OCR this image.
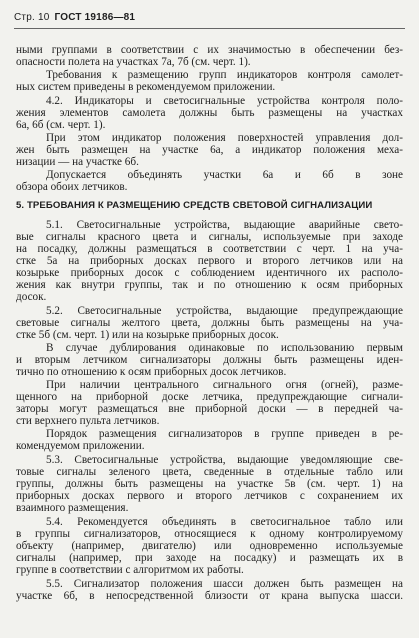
Стр. 10 ГОСТ 19186—81
ными группами в соответствии с их значимостью в обеспечении без-
опасности полета на участках 7а, 7б (см. черт. 1).
Требования к размещению групп индикаторов контроля самолет-
ных систем приведены в рекомендуемом приложении.
4.2. Индикаторы и светосигнальные устройства контроля поло-
жения элементов самолета должны быть размещены на участках
6а, 6б (см. черт. 1).
При этом индикатор положения поверхностей управления дол-
жен быть размещен на участке 6а, а индикатор положения меха-
низации — на участке 6б.
Допускается объединять участки 6а и 6б в зоне
обзора обоих летчиков.
5. ТРЕБОВАНИЯ К РАЗМЕЩЕНИЮ СРЕДСТВ СВЕТОВОЙ СИГНАЛИЗАЦИИ
5.1. Светосигнальные устройства, выдающие аварийные свето-
вые сигналы красного цвета и сигналы, используемые при заходе
на посадку, должны размещаться в соответствии с черт. 1 на уча-
стке 5а на приборных досках первого и второго летчиков или на
козырьке приборных досок с соблюдением идентичного их располо-
жения как внутри группы, так и по отношению к осям приборных
досок.
5.2. Светосигнальные устройства, выдающие предупреждающие
световые сигналы желтого цвета, должны быть размещены на уча-
стке 5б (см. черт. 1) или на козырьке приборных досок.
В случае дублирования одинаковые по использованию первым
и вторым летчиком сигнализаторы должны быть размещены иден-
тично по отношению к осям приборных досок летчиков.
При наличии центрального сигнального огня (огней), разме-
щенного на приборной доске летчика, предупреждающие сигнали-
заторы могут размещаться вне приборной доски — в передней ча-
сти верхнего пульта летчиков.
Порядок размещения сигнализаторов в группе приведен в ре-
комендуемом приложении.
5.3. Светосигнальные устройства, выдающие уведомляющие све-
товые сигналы зеленого цвета, сведенные в отдельные табло или
группы, должны быть размещены на участке 5в (см. черт. 1) на
приборных досках первого и второго летчиков с сохранением их
взаимного размещения.
5.4. Рекомендуется объединять в светосигнальное табло или
в группы сигнализаторов, относящиеся к одному контролируемому
объекту (например, двигателю) или одновременно используемые
сигналы (например, при заходе на посадку) и размещать их в
группе в соответствии с алгоритмом их работы.
5.5. Сигнализатор положения шасси должен быть размещен на
участке 6б, в непосредственной близости от крана выпуска шасси.
